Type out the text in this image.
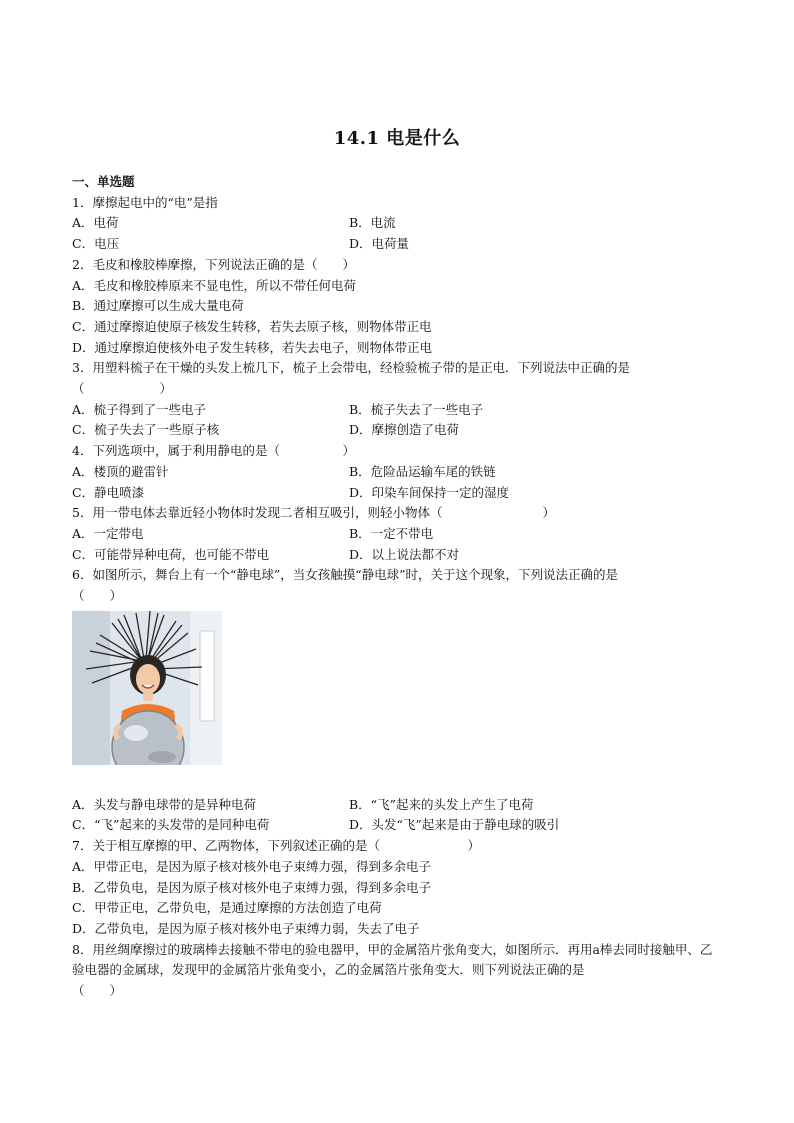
14.1 电是什么
一、单选题
1．摩擦起电中的“电”是指
A．电荷	B．电流
C．电压	D．电荷量
2．毛皮和橡胶棒摩擦，下列说法正确的是（　　）
A．毛皮和橡胶棒原来不显电性，所以不带任何电荷
B．通过摩擦可以生成大量电荷
C．通过摩擦迫使原子核发生转移，若失去原子核，则物体带正电
D．通过摩擦迫使核外电子发生转移，若失去电子，则物体带正电
3．用塑料梳子在干燥的头发上梳几下，梳子上会带电，经检验梳子带的是正电．下列说法中正确的是
（　　　　　　）
A．梳子得到了一些电子	B．梳子失去了一些电子
C．梳子失去了一些原子核	D．摩擦创造了电荷
4．下列选项中，属于利用静电的是（　　　　　）
A．楼顶的避雷针	B．危险品运输车尾的铁链
C．静电喷漆	D．印染车间保持一定的湿度
5．用一带电体去靠近轻小物体时发现二者相互吸引，则轻小物体（　　　　　　　　）
A．一定带电	B．一定不带电
C．可能带异种电荷，也可能不带电	D．以上说法都不对
6．如图所示，舞台上有一个“静电球”，当女孩触摸“静电球”时，关于这个现象，下列说法正确的是
（　　）
A．头发与静电球带的是异种电荷	B．“飞”起来的头发上产生了电荷
C．“飞”起来的头发带的是同种电荷	D．头发“飞”起来是由于静电球的吸引
7．关于相互摩擦的甲、乙两物体，下列叙述正确的是（　　　　　　　）
A．甲带正电，是因为原子核对核外电子束缚力强，得到多余电子
B．乙带负电，是因为原子核对核外电子束缚力强，得到多余电子
C．甲带正电，乙带负电，是通过摩擦的方法创造了电荷
D．乙带负电，是因为原子核对核外电子束缚力弱，失去了电子
8．用丝绸摩擦过的玻璃棒去接触不带电的验电器甲，甲的金属箔片张角变大，如图所示．再用a棒去同时接触甲、乙验电器的金属球，发现甲的金属箔片张角变小，乙的金属箔片张角变大．则下列说法正确的是
（　　）
